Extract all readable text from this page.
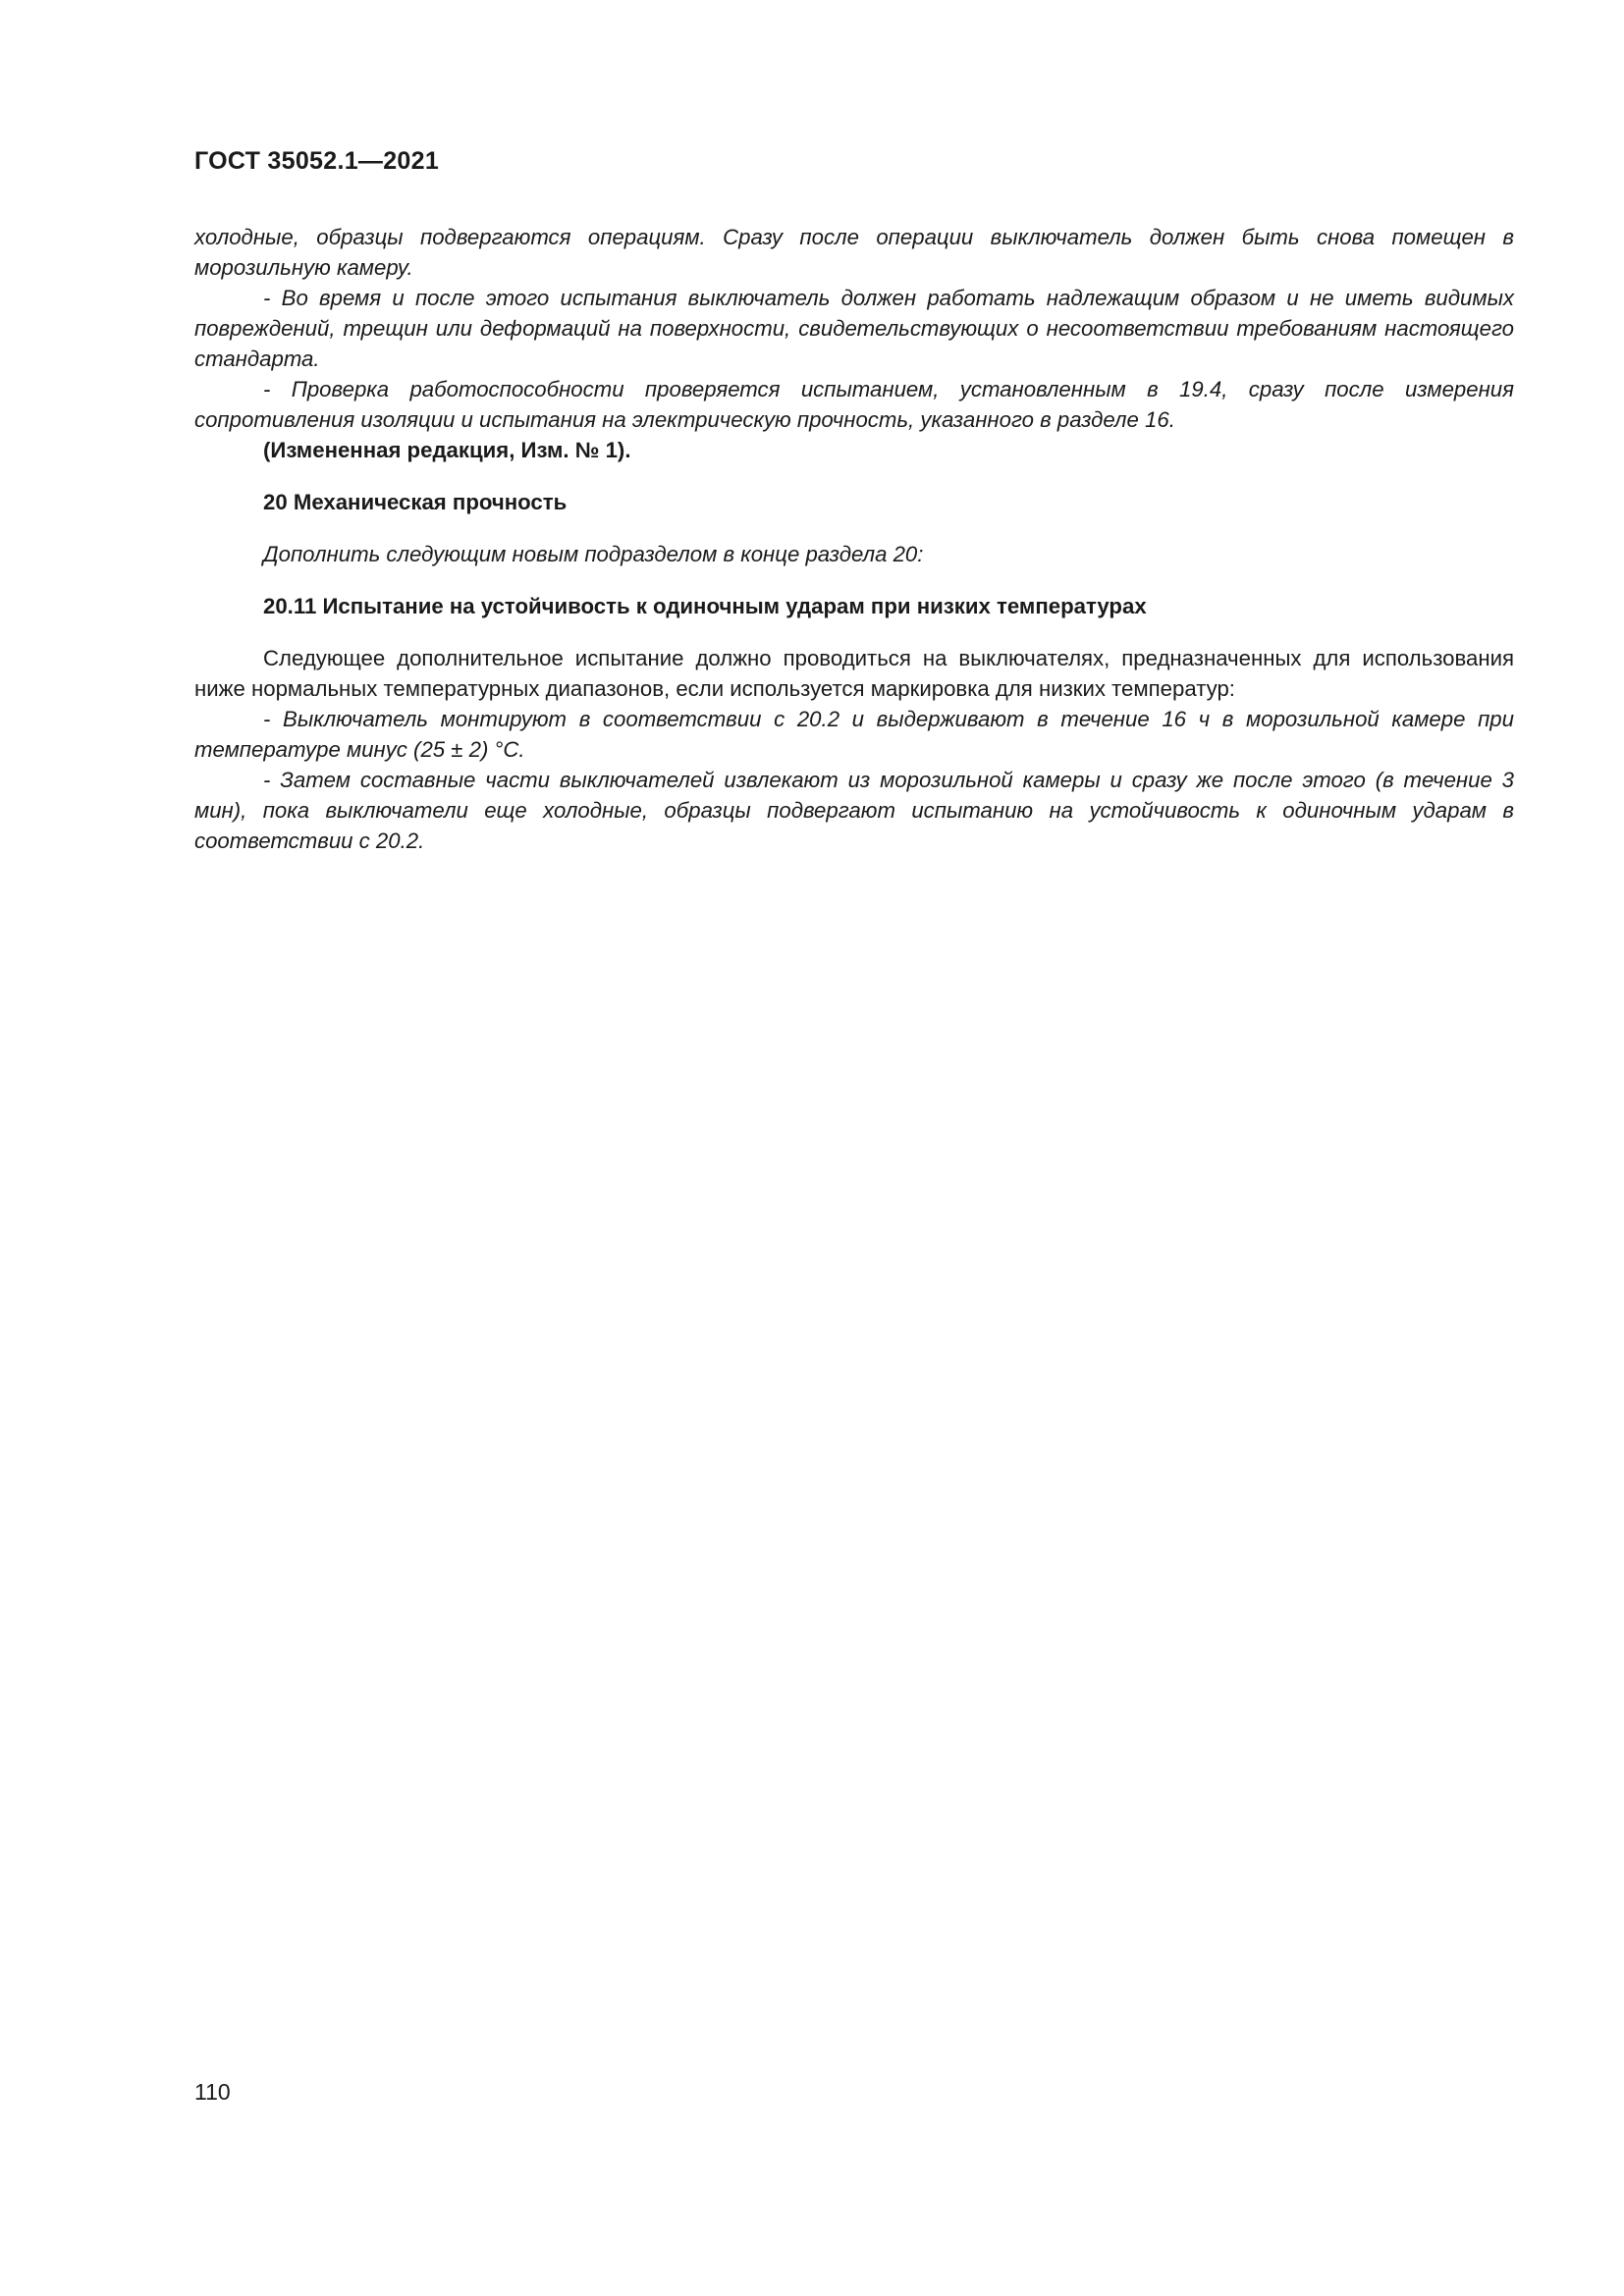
ГОСТ 35052.1—2021

холодные, образцы подвергаются операциям. Сразу после операции выключатель должен быть снова помещен в морозильную камеру.

- Во время и после этого испытания выключатель должен работать надлежащим образом и не иметь видимых повреждений, трещин или деформаций на поверхности, свидетельствующих о несоответствии требованиям настоящего стандарта.

- Проверка работоспособности проверяется испытанием, установленным в 19.4, сразу после измерения сопротивления изоляции и испытания на электрическую прочность, указанного в разделе 16.

(Измененная редакция, Изм. № 1).

20 Механическая прочность

Дополнить следующим новым подразделом в конце раздела 20:

20.11 Испытание на устойчивость к одиночным ударам при низких температурах

Следующее дополнительное испытание должно проводиться на выключателях, предназначенных для использования ниже нормальных температурных диапазонов, если используется маркировка для низких температур:

- Выключатель монтируют в соответствии с 20.2 и выдерживают в течение 16 ч в морозильной камере при температуре минус (25 ± 2) °С.

- Затем составные части выключателей извлекают из морозильной камеры и сразу же после этого (в течение 3 мин), пока выключатели еще холодные, образцы подвергают испытанию на устойчивость к одиночным ударам в соответствии с 20.2.

110
